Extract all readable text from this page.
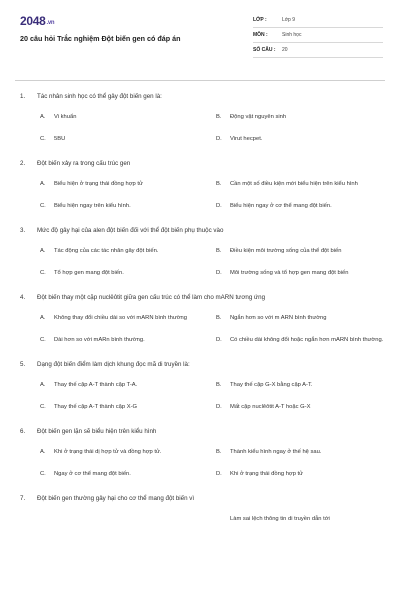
2048.vn
20 câu hỏi Trắc nghiệm Đột biến gen có đáp án
LỚP :	Lớp 9
MÔN :	Sinh học
SỐ CÂU :	20
1.	Tác nhân sinh học có thể gây đột biến gen là:
A.	Vi khuẩn	B.	Động vật nguyên sinh
C.	5BU	D.	Virut hecpet.
2.	Đột biến xảy ra trong cấu trúc gen
A.	Biểu hiện ở trạng thái đồng hợp tử	B.	Cần một số điều kiện mới biểu hiện trên kiểu hình
C.	Biểu hiện ngay trên kiểu hình.	D.	Biểu hiện ngay ở cơ thể mang đột biến.
3.	Mức độ gây hại của alen đột biến đối với thể đột biến phụ thuộc vào
A.	Tác động của các tác nhân gây đột biến.	B.	Điều kiện môi trường sống của thể đột biến
C.	Tổ hợp gen mang đột biến.	D.	Môi trường sống và tổ hợp gen mang đột biến
4.	Đột biến thay một cặp nuclêôtit giữa gen cấu trúc có thể làm cho mARN tương ứng
A.	Không thay đổi chiều dài so với mARN bình thường	B.	Ngắn hơn so với m ARN bình thường
C.	Dài hơn so với mARn bình thường.	D.	Có chiều dài không đổi hoặc ngắn hơn mARN bình thường.
5.	Dạng đột biến điểm làm dịch khung đọc mã di truyền là:
A.	Thay thế cặp A-T thành cặp T-A.	B.	Thay thế cặp G-X bằng cặp A-T.
C.	Thay thế cặp A-T thành cặp X-G	D.	Mất cặp nuclêôtit A-T hoặc G-X
6.	Đột biến gen lặn sẽ biểu hiện trên kiểu hình
A.	Khi ở trạng thái dị hợp tử và đồng hợp tử.	B.	Thành kiểu hình ngay ở thế hệ sau.
C.	Ngay ở cơ thể mang đột biến.	D.	Khi ở trạng thái đồng hợp tử
7.	Đột biến gen thường gây hại cho cơ thể mang đột biến vì
Làm sai lệch thông tin di truyền dẫn tới
